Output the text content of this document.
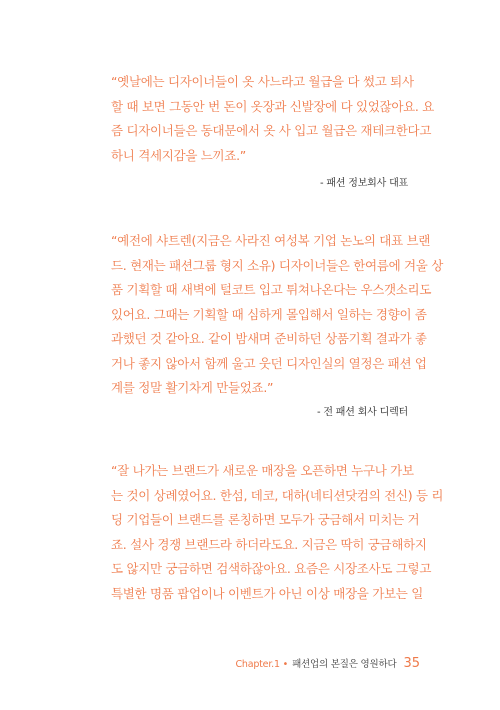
“옛날에는 디자이너들이 옷 사느라고 월급을 다 썼고 퇴사
할 때 보면 그동안 번 돈이 옷장과 신발장에 다 있었잖아요. 요
즘 디자이너들은 동대문에서 옷 사 입고 월급은 재테크한다고
하니 격세지감을 느끼죠.”
- 패션 정보회사 대표
“예전에 샤트렌(지금은 사라진 여성복 기업 논노의 대표 브랜
드. 현재는 패션그룹 형지 소유) 디자이너들은 한여름에 겨울 상
품 기획할 때 새벽에 털코트 입고 튀쳐나온다는 우스갯소리도
있어요. 그때는 기획할 때 심하게 몰입해서 일하는 경향이 좀
과했던 것 같아요. 같이 밤새며 준비하던 상품기획 결과가 좋
거나 좋지 않아서 함께 울고 웃던 디자인실의 열정은 패션 업
계를 정말 활기차게 만들었죠.”
- 전 패션 회사 디렉터
“잘 나가는 브랜드가 새로운 매장을 오픈하면 누구나 가보
는 것이 상례였어요. 한섬, 데코, 대하(네티션닷컴의 전신) 등 리
딩 기업들이 브랜드를 론칭하면 모두가 궁금해서 미치는 거
죠. 설사 경쟁 브랜드라 하더라도요. 지금은 딱히 궁금해하지
도 않지만 궁금하면 검색하잖아요. 요즘은 시장조사도 그렇고
특별한 명품 팝업이나 이벤트가 아닌 이상 매장을 가보는 일
Chapter.1 • 패션업의 본질은 영원하다 35
